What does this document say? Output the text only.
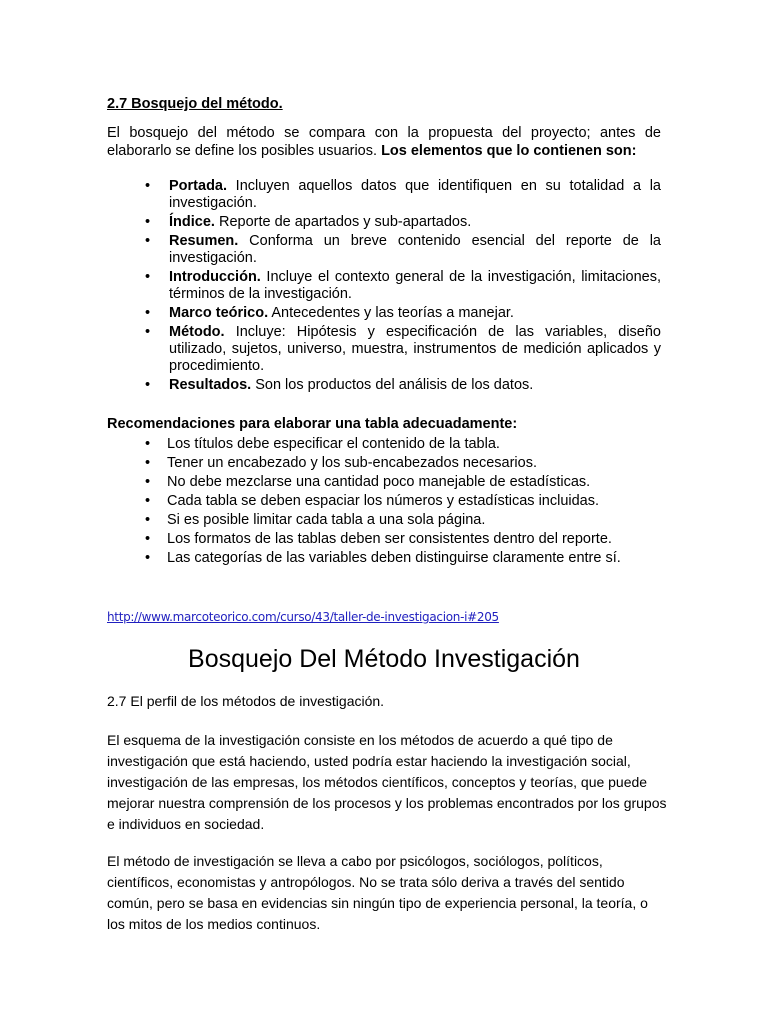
2.7 Bosquejo del método.

El bosquejo del método se compara con la propuesta del proyecto; antes de elaborarlo se define los posibles usuarios. Los elementos que lo contienen son:

• Portada. Incluyen aquellos datos que identifiquen en su totalidad a la investigación.
• Índice. Reporte de apartados y sub-apartados.
• Resumen. Conforma un breve contenido esencial del reporte de la investigación.
• Introducción. Incluye el contexto general de la investigación, limitaciones, términos de la investigación.
• Marco teórico. Antecedentes y las teorías a manejar.
• Método. Incluye: Hipótesis y especificación de las variables, diseño utilizado, sujetos, universo, muestra, instrumentos de medición aplicados y procedimiento.
• Resultados. Son los productos del análisis de los datos.

Recomendaciones para elaborar una tabla adecuadamente:

• Los títulos debe especificar el contenido de la tabla.
• Tener un encabezado y los sub-encabezados necesarios.
• No debe mezclarse una cantidad poco manejable de estadísticas.
• Cada tabla se deben espaciar los números y estadísticas incluidas.
• Si es posible limitar cada tabla a una sola página.
• Los formatos de las tablas deben ser consistentes dentro del reporte.
• Las categorías de las variables deben distinguirse claramente entre sí.
http://www.marcoteorico.com/curso/43/taller-de-investigacion-i#205
Bosquejo Del Método Investigación

2.7 El perfil de los métodos de investigación.

El esquema de la investigación consiste en los métodos de acuerdo a qué tipo de investigación que está haciendo, usted podría estar haciendo la investigación social, investigación de las empresas, los métodos científicos, conceptos y teorías, que puede mejorar nuestra comprensión de los procesos y los problemas encontrados por los grupos e individuos en sociedad.

El método de investigación se lleva a cabo por psicólogos, sociólogos, políticos, científicos, economistas y antropólogos. No se trata sólo deriva a través del sentido común, pero se basa en evidencias sin ningún tipo de experiencia personal, la teoría, o los mitos de los medios continuos.
